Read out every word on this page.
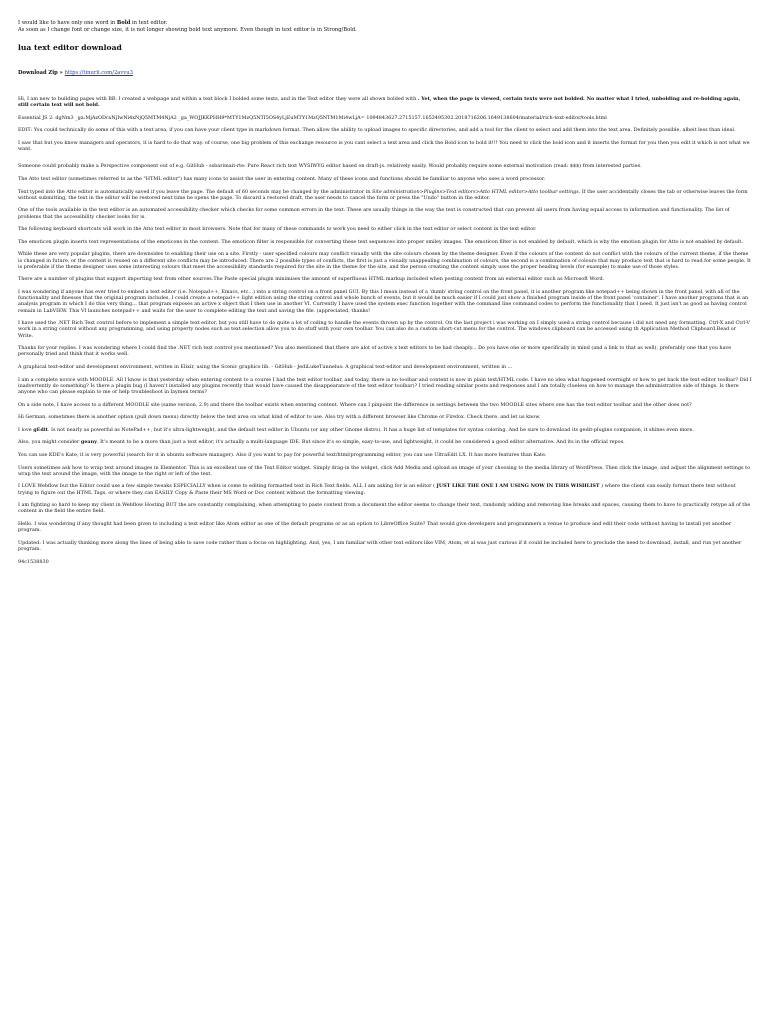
I would like to have only one word in Bold in text editor.

As soon as I change font or change size, it is not longer showing bold text anymore. Even though in text editor is in Strong/Bold.

lua text editor download
Download Zip » https://tinurli.com/2avvu3

Hi, I am new to building pages with BB. I created a webpage and within a text block I bolded some texts, and in the Text editor they were all shown bolded with . Yet, when the page is viewed, certain texts were not bolded. No matter what I tried, unbolding and re-bolding again, still certain text will not bold.

Essential JS 2: dgNm3 _ga:MjAzODcxNjIwNi4xNjQ5MTM4NjA2 _ga_WOJJKKPHH9*MTY1MzQ5NTI5OS4yLjEuMTY1MzQ5NTM1Mi4wLjA= 1094843627.2715157.1653495302.2018716206.1649138604/material/rich-text-editor/tools.html

EDIT: You could technically do some of this with a text area, if you can have your client type in markdown format. Then allow the ability to upload images to specific directories, and add a tool for the client to select and add them into the text area. Definitely possible, albeit less than ideal.

I saw that but you know managers and operators, it is hard to do that way. of course, one big problem of this exchange resource is you cant select a text area and click the Bold icon to bold it!!! You need to click the bold icon and it inserts the format for you then you edit it which is not what we want.

Someone could probably make a Perspective component out of e.g. GitHub - ssbarimait-rte: Pure React rich text WYSIWYG editor based on draft-js. relatively easily. Would probably require some external motivation (read: $$$) from interested parties.

The Atto text editor (sometimes referred to as the "HTML editor") has many icons to assist the user in entering content. Many of these icons and functions should be familiar to anyone who uses a word processor.

Text typed into the Atto editor is automatically saved if you leave the page. The default of 60 seconds may be changed by the administrator in Site administration>Plugins>Text editors>Atto HTML editor>Atto toolbar settings. If the user accidentally closes the tab or otherwise leaves the form without submitting, the text in the editor will be restored next time he opens the page. To discard a restored draft, the user needs to cancel the form or press the "Undo" button in the editor.

One of the tools available in the text editor is an automated accessibility checker which checks for some common errors in the text. These are usually things in the way the text is constructed that can prevent all users from having equal access to information and functionality. The list of problems that the accessibility checker looks for is.

The following keyboard shortcuts will work in the Atto text editor in most browsers. Note that for many of these commands to work you need to either click in the text editor or select content in the text editor.

The emoticon plugin inserts text representations of the emoticons in the content. The emoticon filter is responsible for converting these text sequences into proper smiley images. The emoticon filter is not enabled by default, which is why the emotion plugin for Atto is not enabled by default.

While these are very popular plugins, there are downsides to enabling their use on a site. Firstly - user specified colours may conflict visually with the site colours chosen by the theme designer. Even if the colours of the content do not conflict with the colours of the current theme, if the theme is changed in future, or the content is reused on a different site conflicts may be introduced. There are 2 possible types of conflicts, the first is just a visually unappealing combination of colours, the second is a combination of colours that may produce text that is hard to read for some people. It is preferable if the theme designer uses some interesting colours that meet the accessibility standards required for the site in the theme for the site, and the person creating the content simply uses the proper heading levels (for example) to make use of those styles.

There are a number of plugins that support importing text from other sources.The Paste special plugin minimises the amount of superfluous HTML markup included when posting content from an external editor such as Microsoft Word.

I was wondering if anyone has ever tried to embed a text editor (i.e. Notepad++, Emacs, etc...) into a string control on a front panel GUI. By this I mean instead of a 'dumb' string control on the front panel, it is another program like notepad++ being shown in the front panel, with all of the functionality and finesses that the original program includes. I could create a notepad++ light edition using the string control and whole bunch of events, but it would be much easier if I could just show a finished program inside of the front panel 'container'. I have another programs that is an analysis program in which I do this very thing... that program exposes an active x object that I then use in another VI. Currently I have used the system exec function together with the command line command codes to perform the functionality that I need. It just isn't as good as having control remain in LabVIEW. This VI launches notepad++ and waits for the user to complete editing the text and saving the file. (appreciated, thanks!

I have used the .NET Rich Text control before to implement a simple text editor, but you still have to do quite a lot of coding to handle the events thrown up by the control. On the last project i was working on I simply used a string control because i did not need any formatting. Ctrl-X and Ctrl-V work in a string control without any programming, and using property nodes such as text.selection allow you to do stuff with your own toolbar. You can also do a custom short-cut menu for the control. The windows clipboard can be accessed using th Application Method Clipboard.Read or Write.

Thanks for your replies. I was wondering where I could find the .NET rich text control you mentioned? You also mentioned that there are alot of active x text editors to be had cheaply... Do you have one or more specifically in mind (and a link to that as well), preferably one that you have personally tried and think that it works well.

A graphical text-editor and development environment, written in Elixir, using the Scenic graphics lib. - GitHub - JediLukeTunnelus: A graphical text-editor and development environment, written in ...

I am a complete novice with MOODLE. All I know is that yesterday when entering content to a course I had the text editor toolbar, and today, there is no toolbar and content is now in plain text/HTML code. I have no idea what happened overnight or how to get back the text editor toolbar? Did I inadvertently do something? Is there a plugin bug (I haven't installed any plugins recently that would have caused the disappearance of the text editor toolbar)? I tried reading similar posts and responses and I am totally clueless on how to manage the administrative side of things. Is there anyone who can please explain to me or help troubleshoot in laymen terms?

On a side note, I have access to a different MOODLE site (same version, 2.9) and there the toolbar exists when entering content. Where can I pinpoint the difference in settings between the two MOODLE sites where one has the text editor toolbar and the other does not?

Hi German, sometimes there is another option (pull down menu) directly below the text area on what kind of editor to use. Also try with a different browser like Chrome or Firefox. Check there, and let us know.

I love gEdit. Is not nearly as powerful as NotePad++, but it's ultra-lightweight, and the default text editor in Ubuntu (or any other Gnome distro). It has a huge list of templates for syntax coloring. And be sure to download its gedit-plugins companion, it shines even more.

Also, you might consider geany. It's meant to be a more than just a text editor, it's actually a multi-language IDE. But since it's so simple, easy-to-use, and lightweight, it could be considered a good editor alternative. And its in the official repos.

You can use KDE's Kate, it is very powerful (search for it in ubuntu software manager). Also if you want to pay for powerful text/html/programming editor, you can use UltraEdit LX. It has more features than Kate.

Users sometimes ask how to wrap text around images in Elementor. This is an excellent use of the Text Editor widget. Simply drag-in the widget, click Add Media and upload an image of your choosing to the media library of WordPress. Then click the image, and adjust the alignment settings to wrap the text around the image, with the image to the right or left of the text.

I LOVE Webflow but the Editor could use a few simple tweaks ESPECIALLY when is come to editing formatted text in Rich Text fields. ALL I am asking for is an editor ( JUST LIKE THE ONE I AM USING NOW IN THIS WISHLIST ) where the client can easily format there text without trying to figure out the HTML Tags, or where they can EASILY Copy & Paste their MS Word or Doc content without the formatting viewing.

I am fighting so hard to keep my client in Webflow Hosting BUT the are constantly complaining, when attempting to paste content from a document the editor seems to change their text, randomly adding and removing line breaks and spaces, causing them to have to practically retype all of the content in the field the entire field.

Hello. I was wondering if any thought had been given to including a text editor like Atom editor as one of the default programs or as an option to LibreOffice Suite? That would give developers and programmers a venue to produce and edit their code without having to install yet another program.

Updated: I was actually thinking more along the lines of being able to save code rather than a focus on highlighting. And, yes, I am familiar with other text editors like VIM, Atom, et al was just curious if it could be included here to preclude the need to download, install, and run yet another program.

94c1538830
